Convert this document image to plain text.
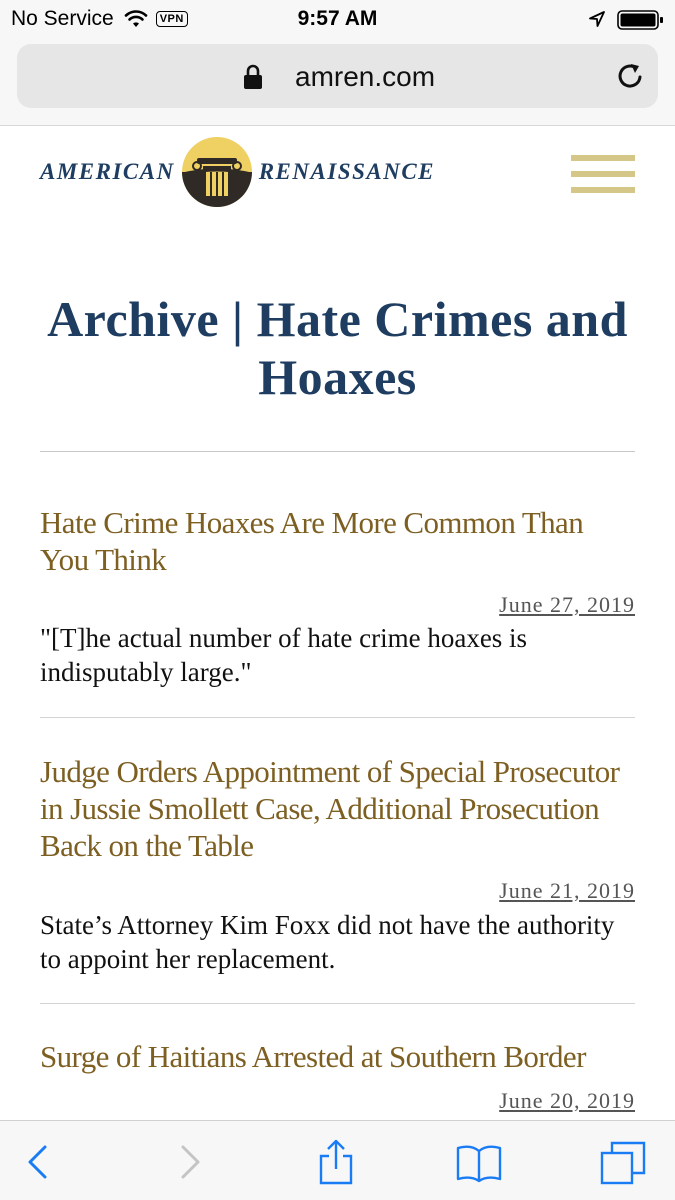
No Service	VPN	9:57 AM
amren.com
AMERICAN	RENAISSANCE
Archive | Hate Crimes and Hoaxes
Hate Crime Hoaxes Are More Common Than You Think
June 27, 2019
"[T]he actual number of hate crime hoaxes is indisputably large."
Judge Orders Appointment of Special Prosecutor in Jussie Smollett Case, Additional Prosecution Back on the Table
June 21, 2019
State’s Attorney Kim Foxx did not have the authority to appoint her replacement.
Surge of Haitians Arrested at Southern Border
June 20, 2019
